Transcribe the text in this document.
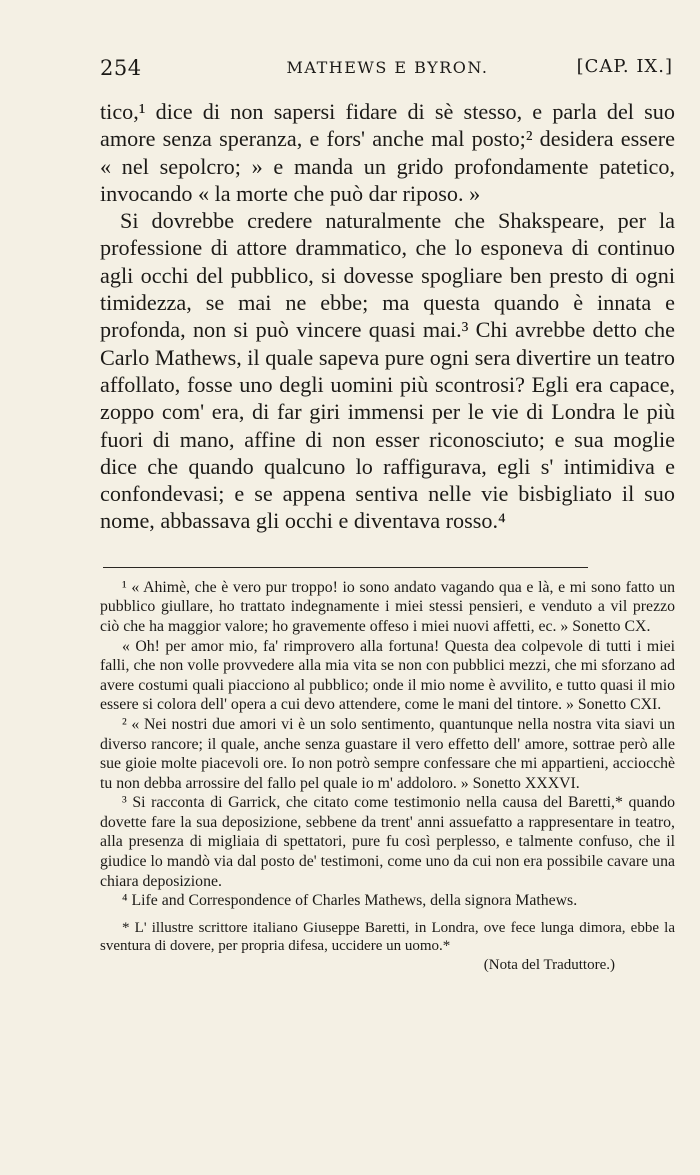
254	MATHEWS E BYRON.	[CAP. IX.]

tico,¹ dice di non sapersi fidare di sè stesso, e parla del suo amore senza speranza, e fors' anche mal posto;² desidera essere « nel sepolcro; » e manda un grido profondamente patetico, invocando « la morte che può dar riposo. »

Si dovrebbe credere naturalmente che Shakspeare, per la professione di attore drammatico, che lo esponeva di continuo agli occhi del pubblico, si dovesse spogliare ben presto di ogni timidezza, se mai ne ebbe; ma questa quando è innata e profonda, non si può vincere quasi mai.³ Chi avrebbe detto che Carlo Mathews, il quale sapeva pure ogni sera divertire un teatro affollato, fosse uno degli uomini più scontrosi? Egli era capace, zoppo com' era, di far giri immensi per le vie di Londra le più fuori di mano, affine di non esser riconosciuto; e sua moglie dice che quando qualcuno lo raffigurava, egli s' intimidiva e confondevasi; e se appena sentiva nelle vie bisbigliato il suo nome, abbassava gli occhi e diventava rosso.⁴

¹ « Ahimè, che è vero pur troppo! io sono andato vagando qua e là, e mi sono fatto un pubblico giullare, ho trattato indegnamente i miei stessi pensieri, e venduto a vil prezzo ciò che ha maggior valore; ho gravemente offeso i miei nuovi affetti, ec. » Sonetto CX.

« Oh! per amor mio, fa' rimprovero alla fortuna! Questa dea colpevole di tutti i miei falli, che non volle provvedere alla mia vita se non con pubblici mezzi, che mi sforzano ad avere costumi quali piacciono al pubblico; onde il mio nome è avvilito, e tutto quasi il mio essere si colora dell' opera a cui devo attendere, come le mani del tintore. » Sonetto CXI.

² « Nei nostri due amori vi è un solo sentimento, quantunque nella nostra vita siavi un diverso rancore; il quale, anche senza guastare il vero effetto dell' amore, sottrae però alle sue gioie molte piacevoli ore. Io non potrò sempre confessare che mi appartieni, acciocchè tu non debba arrossire del fallo pel quale io m' addoloro. » Sonetto XXXVI.

³ Si racconta di Garrick, che citato come testimonio nella causa del Baretti,* quando dovette fare la sua deposizione, sebbene da trent' anni assuefatto a rappresentare in teatro, alla presenza di migliaia di spettatori, pure fu così perplesso, e talmente confuso, che il giudice lo mandò via dal posto de' testimoni, come uno da cui non era possibile cavare una chiara deposizione.

⁴ Life and Correspondence of Charles Mathews, della signora Mathews.

* L' illustre scrittore italiano Giuseppe Baretti, in Londra, ove fece lunga dimora, ebbe la sventura di dovere, per propria difesa, uccidere un uomo.*

(Nota del Traduttore.)
